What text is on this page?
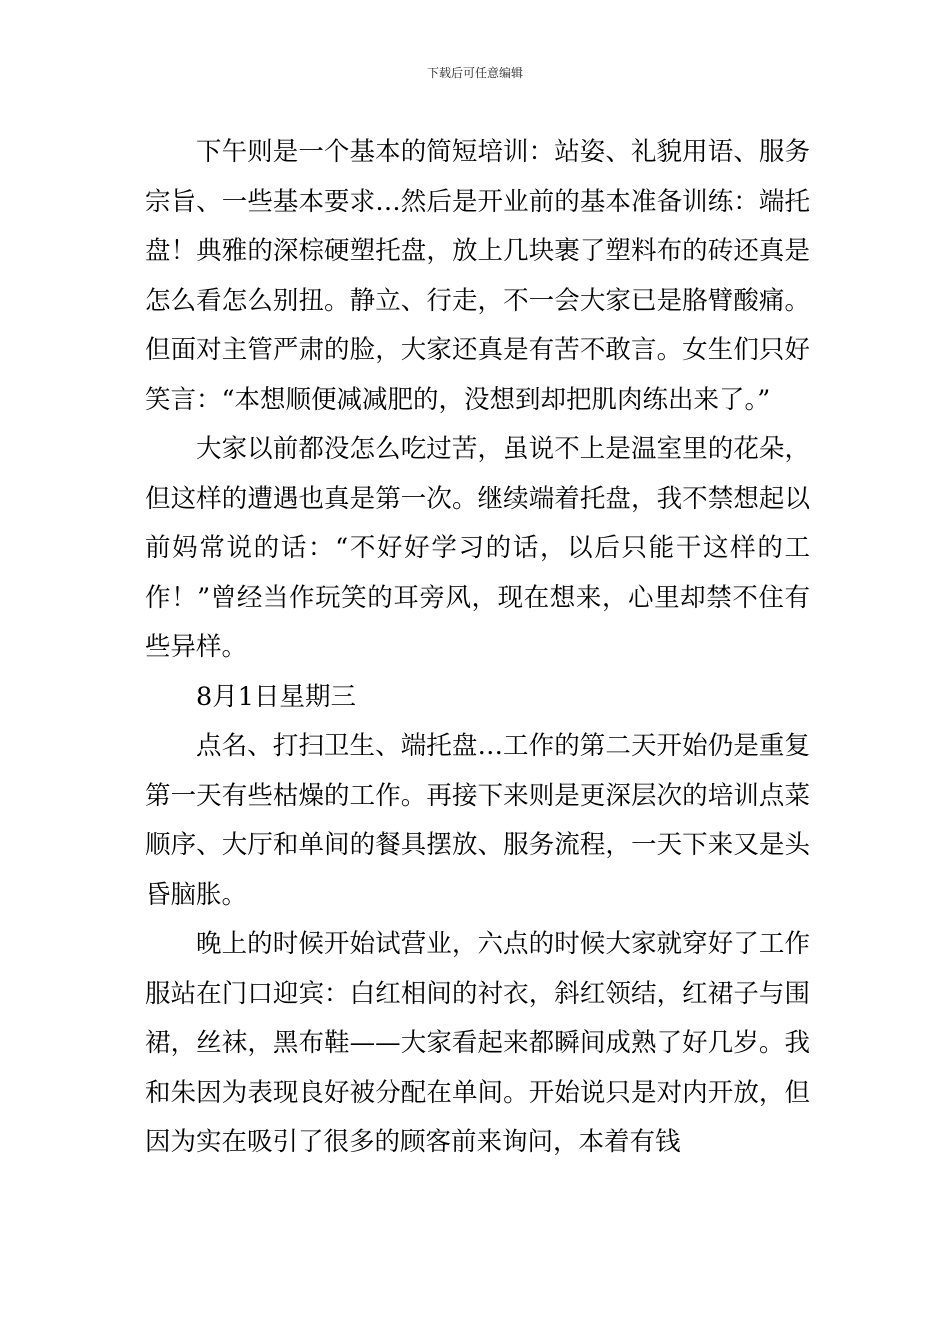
下载后可任意编辑

下午则是一个基本的简短培训：站姿、礼貌用语、服务宗旨、一些基本要求…然后是开业前的基本准备训练：端托盘！典雅的深棕硬塑托盘，放上几块裹了塑料布的砖还真是怎么看怎么别扭。静立、行走，不一会大家已是胳臂酸痛。但面对主管严肃的脸，大家还真是有苦不敢言。女生们只好笑言：“本想顺便减减肥的，没想到却把肌肉练出来了。”

大家以前都没怎么吃过苦，虽说不上是温室里的花朵，但这样的遭遇也真是第一次。继续端着托盘，我不禁想起以前妈常说的话：“不好好学习的话，以后只能干这样的工作！”曾经当作玩笑的耳旁风，现在想来，心里却禁不住有些异样。

8月1日星期三

点名、打扫卫生、端托盘…工作的第二天开始仍是重复第一天有些枯燥的工作。再接下来则是更深层次的培训点菜顺序、大厅和单间的餐具摆放、服务流程，一天下来又是头昏脑胀。

晚上的时候开始试营业，六点的时候大家就穿好了工作服站在门口迎宾：白红相间的衬衣，斜红领结，红裙子与围裙，丝袜，黑布鞋——大家看起来都瞬间成熟了好几岁。我和朱因为表现良好被分配在单间。开始说只是对内开放，但因为实在吸引了很多的顾客前来询问，本着有钱
